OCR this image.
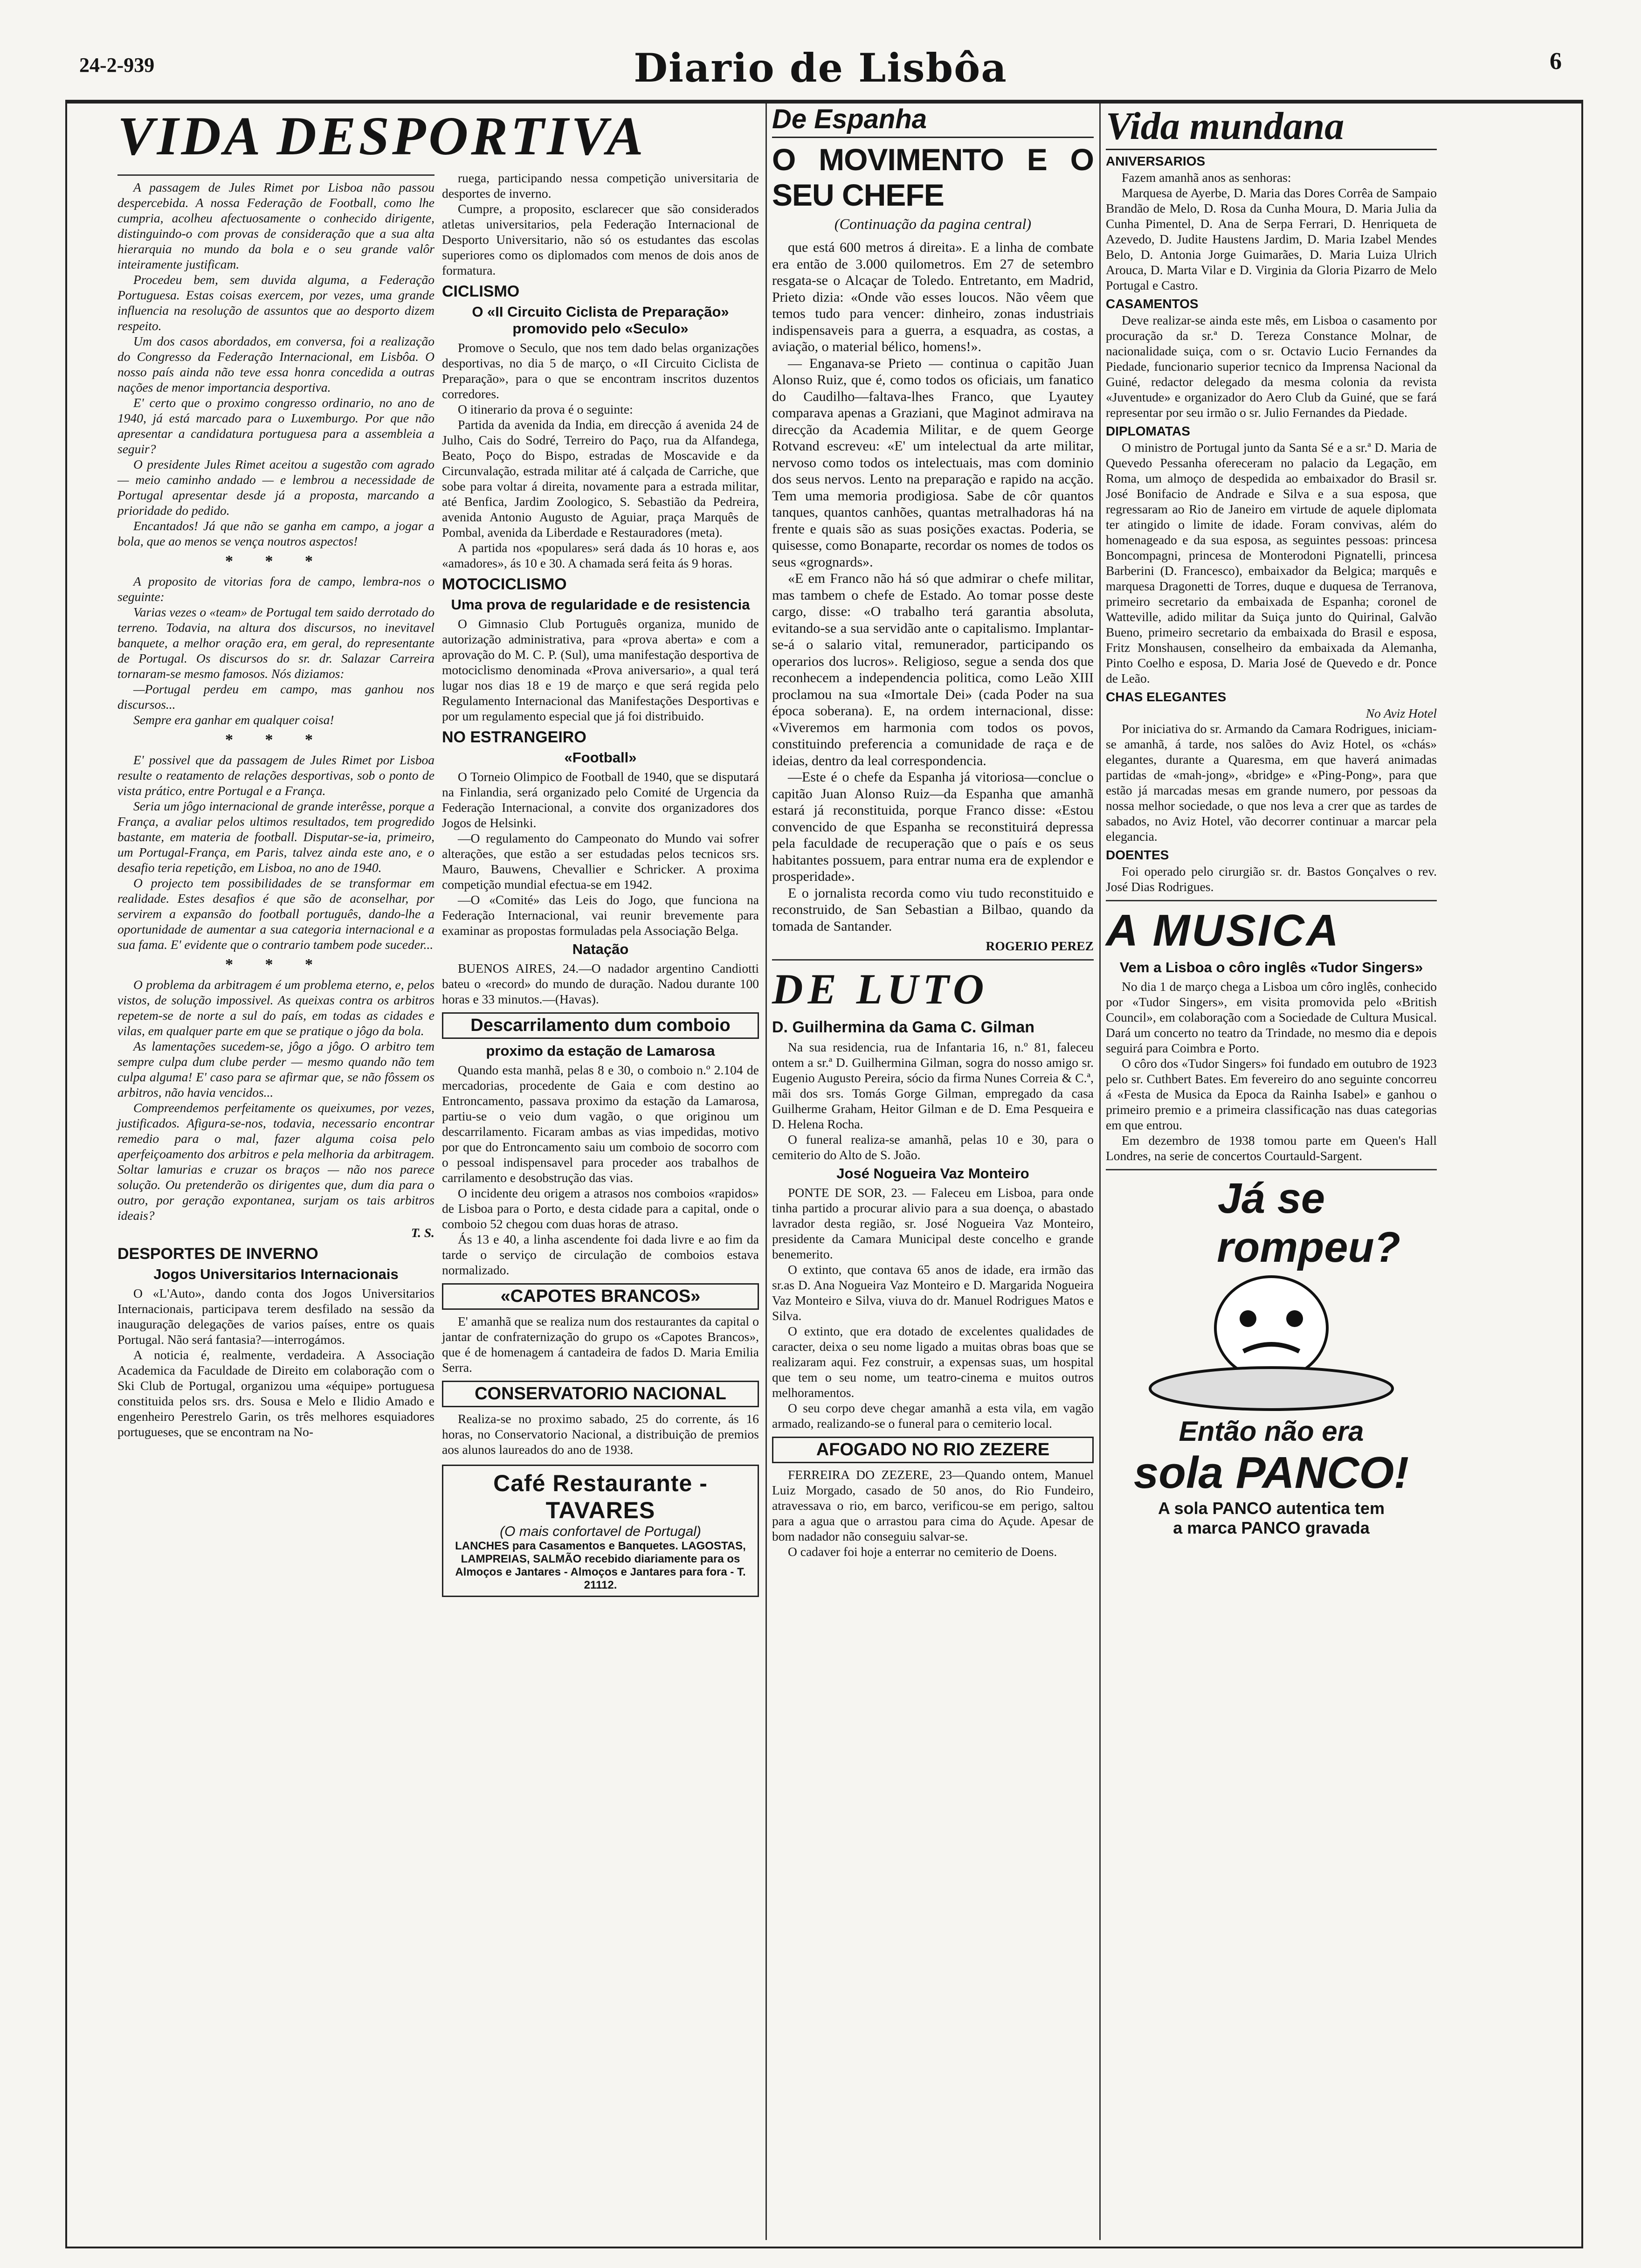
24-2-939	Diario de Lisbôa	6
VIDA DESPORTIVA

A passagem de Jules Rimet por Lisboa não passou despercebida. A nossa Federação de Football, como lhe cumpria, acolheu afectuosamente o conhecido dirigente, distinguindo-o com provas de consideração que a sua alta hierarquia no mundo da bola e o seu grande valôr inteiramente justificam.

Procedeu bem, sem duvida alguma, a Federação Portuguesa. Estas coisas exercem, por vezes, uma grande influencia na resolução de assuntos que ao desporto dizem respeito.

Um dos casos abordados, em conversa, foi a realização do Congresso da Federação Internacional, em Lisbôa. O nosso país ainda não teve essa honra concedida a outras nações de menor importancia desportiva.

E' certo que o proximo congresso ordinario, no ano de 1940, já está marcado para o Luxemburgo. Por que não apresentar a candidatura portuguesa para a assembleia a seguir?

O presidente Jules Rimet aceitou a sugestão com agrado — meio caminho andado — e lembrou a necessidade de Portugal apresentar desde já a proposta, marcando a prioridade do pedido.

Encantados! Já que não se ganha em campo, a jogar a bola, que ao menos se vença noutros aspectos!

* * *

A proposito de vitorias fora de campo, lembra-nos o seguinte:

Varias vezes o «team» de Portugal tem saido derrotado do terreno. Todavia, na altura dos discursos, no inevitavel banquete, a melhor oração era, em geral, do representante de Portugal. Os discursos do sr. dr. Salazar Carreira tornaram-se mesmo famosos. Nós diziamos:

—Portugal perdeu em campo, mas ganhou nos discursos...

Sempre era ganhar em qualquer coisa!

* * *

E' possivel que da passagem de Jules Rimet por Lisboa resulte o reatamento de relações desportivas, sob o ponto de vista prático, entre Portugal e a França.

Seria um jôgo internacional de grande interêsse, porque a França, a avaliar pelos ultimos resultados, tem progredido bastante, em materia de football. Disputar-se-ia, primeiro, um Portugal-França, em Paris, talvez ainda este ano, e o desafio teria repetição, em Lisboa, no ano de 1940.

O projecto tem possibilidades de se transformar em realidade. Estes desafios é que são de aconselhar, por servirem a expansão do football português, dando-lhe a oportunidade de aumentar a sua categoria internacional e a sua fama. E' evidente que o contrario tambem pode suceder...

* * *

O problema da arbitragem é um problema eterno, e, pelos vistos, de solução impossivel. As queixas contra os arbitros repetem-se de norte a sul do país, em todas as cidades e vilas, em qualquer parte em que se pratique o jôgo da bola.

As lamentações sucedem-se, jôgo a jôgo. O arbitro tem sempre culpa dum clube perder — mesmo quando não tem culpa alguma! E' caso para se afirmar que, se não fôssem os arbitros, não havia vencidos...

Compreendemos perfeitamente os queixumes, por vezes, justificados. Afigura-se-nos, todavia, necessario encontrar remedio para o mal, fazer alguma coisa pelo aperfeiçoamento dos arbitros e pela melhoria da arbitragem. Soltar lamurias e cruzar os braços — não nos parece solução. Ou pretenderão os dirigentes que, dum dia para o outro, por geração expontanea, surjam os tais arbitros ideais?

T. S.
DESPORTES DE INVERNO
Jogos Universitarios Internacionais

O «L'Auto», dando conta dos Jogos Universitarios Internacionais, participava terem desfilado na sessão da inauguração delegações de varios países, entre os quais Portugal. Não será fantasia?—interrogámos.

A noticia é, realmente, verdadeira. A Associação Academica da Faculdade de Direito em colaboração com o Ski Club de Portugal, organizou uma «équipe» portuguesa constituida pelos srs. drs. Sousa e Melo e Ilidio Amado e engenheiro Perestrelo Garin, os três melhores esquiadores portugueses, que se encontram na No-

ruega, participando nessa competição universitaria de desportes de inverno.

Cumpre, a proposito, esclarecer que são considerados atletas universitarios, pela Federação Internacional de Desporto Universitario, não só os estudantes das escolas superiores como os diplomados com menos de dois anos de formatura.

CICLISMO
O «II Circuito Ciclista de Preparação» promovido pelo «Seculo»

Promove o Seculo, que nos tem dado belas organizações desportivas, no dia 5 de março, o «II Circuito Ciclista de Preparação», para o que se encontram inscritos duzentos corredores.

O itinerario da prova é o seguinte:

Partida da avenida da India, em direcção á avenida 24 de Julho, Cais do Sodré, Terreiro do Paço, rua da Alfandega, Beato, Poço do Bispo, estradas de Moscavide e da Circunvalação, estrada militar até á calçada de Carriche, que sobe para voltar á direita, novamente para a estrada militar, até Benfica, Jardim Zoologico, S. Sebastião da Pedreira, avenida Antonio Augusto de Aguiar, praça Marquês de Pombal, avenida da Liberdade e Restauradores (meta).

A partida nos «populares» será dada ás 10 horas e, aos «amadores», ás 10 e 30. A chamada será feita ás 9 horas.

MOTOCICLISMO
Uma prova de regularidade e de resistencia

O Gimnasio Club Português organiza, munido de autorização administrativa, para «prova aberta» e com a aprovação do M. C. P. (Sul), uma manifestação desportiva de motociclismo denominada «Prova aniversario», a qual terá lugar nos dias 18 e 19 de março e que será regida pelo Regulamento Internacional das Manifestações Desportivas e por um regulamento especial que já foi distribuido.

NO ESTRANGEIRO
«Football»

O Torneio Olimpico de Football de 1940, que se disputará na Finlandia, será organizado pelo Comité de Urgencia da Federação Internacional, a convite dos organizadores dos Jogos de Helsinki.

—O regulamento do Campeonato do Mundo vai sofrer alterações, que estão a ser estudadas pelos tecnicos srs. Mauro, Bauwens, Chevallier e Schricker. A proxima competição mundial efectua-se em 1942.

—O «Comité» das Leis do Jogo, que funciona na Federação Internacional, vai reunir brevemente para examinar as propostas formuladas pela Associação Belga.

Natação

BUENOS AIRES, 24.—O nadador argentino Candiotti bateu o «record» do mundo de duração. Nadou durante 100 horas e 33 minutos.—(Havas).

Descarrilamento dum comboio
proximo da estação de Lamarosa

Quando esta manhã, pelas 8 e 30, o comboio n.º 2.104 de mercadorias, procedente de Gaia e com destino ao Entroncamento, passava proximo da estação da Lamarosa, partiu-se o veio dum vagão, o que originou um descarrilamento. Ficaram ambas as vias impedidas, motivo por que do Entroncamento saiu um comboio de socorro com o pessoal indispensavel para proceder aos trabalhos de carrilamento e desobstrução das vias.

O incidente deu origem a atrasos nos comboios «rapidos» de Lisboa para o Porto, e desta cidade para a capital, onde o comboio 52 chegou com duas horas de atraso.

Ás 13 e 40, a linha ascendente foi dada livre e ao fim da tarde o serviço de circulação de comboios estava normalizado.

«CAPOTES BRANCOS»

E' amanhã que se realiza num dos restaurantes da capital o jantar de confraternização do grupo os «Capotes Brancos», que é de homenagem á cantadeira de fados D. Maria Emilia Serra.

CONSERVATORIO NACIONAL

Realiza-se no proximo sabado, 25 do corrente, ás 16 horas, no Conservatorio Nacional, a distribuição de premios aos alunos laureados do ano de 1938.

Café Restaurante - TAVARES
(O mais confortavel de Portugal)
LANCHES para Casamentos e Banquetes. LAGOSTAS, LAMPREIAS, SALMÃO recebido diariamente para os Almoços e Jantares - Almoços e Jantares para fora - T. 21112.
De Espanha
O MOVIMENTO E O SEU CHEFE
(Continuação da pagina central)

que está 600 metros á direita». E a linha de combate era então de 3.000 quilometros. Em 27 de setembro resgata-se o Alcaçar de Toledo. Entretanto, em Madrid, Prieto dizia: «Onde vão esses loucos. Não vêem que temos tudo para vencer: dinheiro, zonas industriais indispensaveis para a guerra, a esquadra, as costas, a aviação, o material bélico, homens!».

— Enganava-se Prieto — continua o capitão Juan Alonso Ruiz, que é, como todos os oficiais, um fanatico do Caudilho—faltava-lhes Franco, que Lyautey comparava apenas a Graziani, que Maginot admirava na direcção da Academia Militar, e de quem George Rotvand escreveu: «E' um intelectual da arte militar, nervoso como todos os intelectuais, mas com dominio dos seus nervos. Lento na preparação e rapido na acção. Tem uma memoria prodigiosa. Sabe de côr quantos tanques, quantos canhões, quantas metralhadoras há na frente e quais são as suas posições exactas. Poderia, se quisesse, como Bonaparte, recordar os nomes de todos os seus «grognards».

«E em Franco não há só que admirar o chefe militar, mas tambem o chefe de Estado. Ao tomar posse deste cargo, disse: «O trabalho terá garantia absoluta, evitando-se a sua servidão ante o capitalismo. Implantar-se-á o salario vital, remunerador, participando os operarios dos lucros». Religioso, segue a senda dos que reconhecem a independencia politica, como Leão XIII proclamou na sua «Imortale Dei» (cada Poder na sua época soberana). E, na ordem internacional, disse: «Viveremos em harmonia com todos os povos, constituindo preferencia a comunidade de raça e de ideias, dentro da leal correspondencia.

—Este é o chefe da Espanha já vitoriosa—conclue o capitão Juan Alonso Ruiz—da Espanha que amanhã estará já reconstituida, porque Franco disse: «Estou convencido de que Espanha se reconstituirá depressa pela faculdade de recuperação que o país e os seus habitantes possuem, para entrar numa era de explendor e prosperidade».

E o jornalista recorda como viu tudo reconstituido e reconstruido, de San Sebastian a Bilbao, quando da tomada de Santander.

ROGERIO PEREZ
DE LUTO
D. Guilhermina da Gama C. Gilman

Na sua residencia, rua de Infantaria 16, n.º 81, faleceu ontem a sr.ª D. Guilhermina Gilman, sogra do nosso amigo sr. Eugenio Augusto Pereira, sócio da firma Nunes Correia & C.ª, mãi dos srs. Tomás Gorge Gilman, empregado da casa Guilherme Graham, Heitor Gilman e de D. Ema Pesqueira e D. Helena Rocha.

O funeral realiza-se amanhã, pelas 10 e 30, para o cemiterio do Alto de S. João.

José Nogueira Vaz Monteiro

PONTE DE SOR, 23. — Faleceu em Lisboa, para onde tinha partido a procurar alivio para a sua doença, o abastado lavrador desta região, sr. José Nogueira Vaz Monteiro, presidente da Camara Municipal deste concelho e grande benemerito.

O extinto, que contava 65 anos de idade, era irmão das sr.as D. Ana Nogueira Vaz Monteiro e D. Margarida Nogueira Vaz Monteiro e Silva, viuva do dr. Manuel Rodrigues Matos e Silva.

O extinto, que era dotado de excelentes qualidades de caracter, deixa o seu nome ligado a muitas obras boas que se realizaram aqui. Fez construir, a expensas suas, um hospital que tem o seu nome, um teatro-cinema e muitos outros melhoramentos.

O seu corpo deve chegar amanhã a esta vila, em vagão armado, realizando-se o funeral para o cemiterio local.

AFOGADO NO RIO ZEZERE

FERREIRA DO ZEZERE, 23—Quando ontem, Manuel Luiz Morgado, casado de 50 anos, do Rio Fundeiro, atravessava o rio, em barco, verificou-se em perigo, saltou para a agua que o arrastou para cima do Açude. Apesar de bom nadador não conseguiu salvar-se.

O cadaver foi hoje a enterrar no cemiterio de Doens.

Vida mundana
ANIVERSARIOS

Fazem amanhã anos as senhoras:

Marquesa de Ayerbe, D. Maria das Dores Corrêa de Sampaio Brandão de Melo, D. Rosa da Cunha Moura, D. Maria Julia da Cunha Pimentel, D. Ana de Serpa Ferrari, D. Henriqueta de Azevedo, D. Judite Haustens Jardim, D. Maria Izabel Mendes Belo, D. Antonia Jorge Guimarães, D. Maria Luiza Ulrich Arouca, D. Marta Vilar e D. Virginia da Gloria Pizarro de Melo Portugal e Castro.

CASAMENTOS

Deve realizar-se ainda este mês, em Lisboa o casamento por procuração da sr.ª D. Tereza Constance Molnar, de nacionalidade suiça, com o sr. Octavio Lucio Fernandes da Piedade, funcionario superior tecnico da Imprensa Nacional da Guiné, redactor delegado da mesma colonia da revista «Juventude» e organizador do Aero Club da Guiné, que se fará representar por seu irmão o sr. Julio Fernandes da Piedade.

DIPLOMATAS

O ministro de Portugal junto da Santa Sé e a sr.ª D. Maria de Quevedo Pessanha ofereceram no palacio da Legação, em Roma, um almoço de despedida ao embaixador do Brasil sr. José Bonifacio de Andrade e Silva e a sua esposa, que regressaram ao Rio de Janeiro em virtude de aquele diplomata ter atingido o limite de idade. Foram convivas, além do homenageado e da sua esposa, as seguintes pessoas: princesa Boncompagni, princesa de Monterodoni Pignatelli, princesa Barberini (D. Francesco), embaixador da Belgica; marquês e marquesa Dragonetti de Torres, duque e duquesa de Terranova, primeiro secretario da embaixada de Espanha; coronel de Watteville, adido militar da Suiça junto do Quirinal, Galvão Bueno, primeiro secretario da embaixada do Brasil e esposa, Fritz Monshausen, conselheiro da embaixada da Alemanha, Pinto Coelho e esposa, D. Maria José de Quevedo e dr. Ponce de Leão.

CHAS ELEGANTES
No Aviz Hotel

Por iniciativa do sr. Armando da Camara Rodrigues, iniciam-se amanhã, á tarde, nos salões do Aviz Hotel, os «chás» elegantes, durante a Quaresma, em que haverá animadas partidas de «mah-jong», «bridge» e «Ping-Pong», para que estão já marcadas mesas em grande numero, por pessoas da nossa melhor sociedade, o que nos leva a crer que as tardes de sabados, no Aviz Hotel, vão decorrer continuar a marcar pela elegancia.

DOENTES

Foi operado pelo cirurgião sr. dr. Bastos Gonçalves o rev. José Dias Rodrigues.

A MUSICA
Vem a Lisboa o côro inglês «Tudor Singers»

No dia 1 de março chega a Lisboa um côro inglês, conhecido por «Tudor Singers», em visita promovida pelo «British Council», em colaboração com a Sociedade de Cultura Musical. Dará um concerto no teatro da Trindade, no mesmo dia e depois seguirá para Coimbra e Porto.

O côro dos «Tudor Singers» foi fundado em outubro de 1923 pelo sr. Cuthbert Bates. Em fevereiro do ano seguinte concorreu á «Festa de Musica da Epoca da Rainha Isabel» e ganhou o primeiro premio e a primeira classificação nas duas categorias em que entrou.

Em dezembro de 1938 tomou parte em Queen's Hall Londres, na serie de concertos Courtauld-Sargent.

Já se
rompeu?
Então não era
sola PANCO!
A sola PANCO autentica tem
a marca PANCO gravada
